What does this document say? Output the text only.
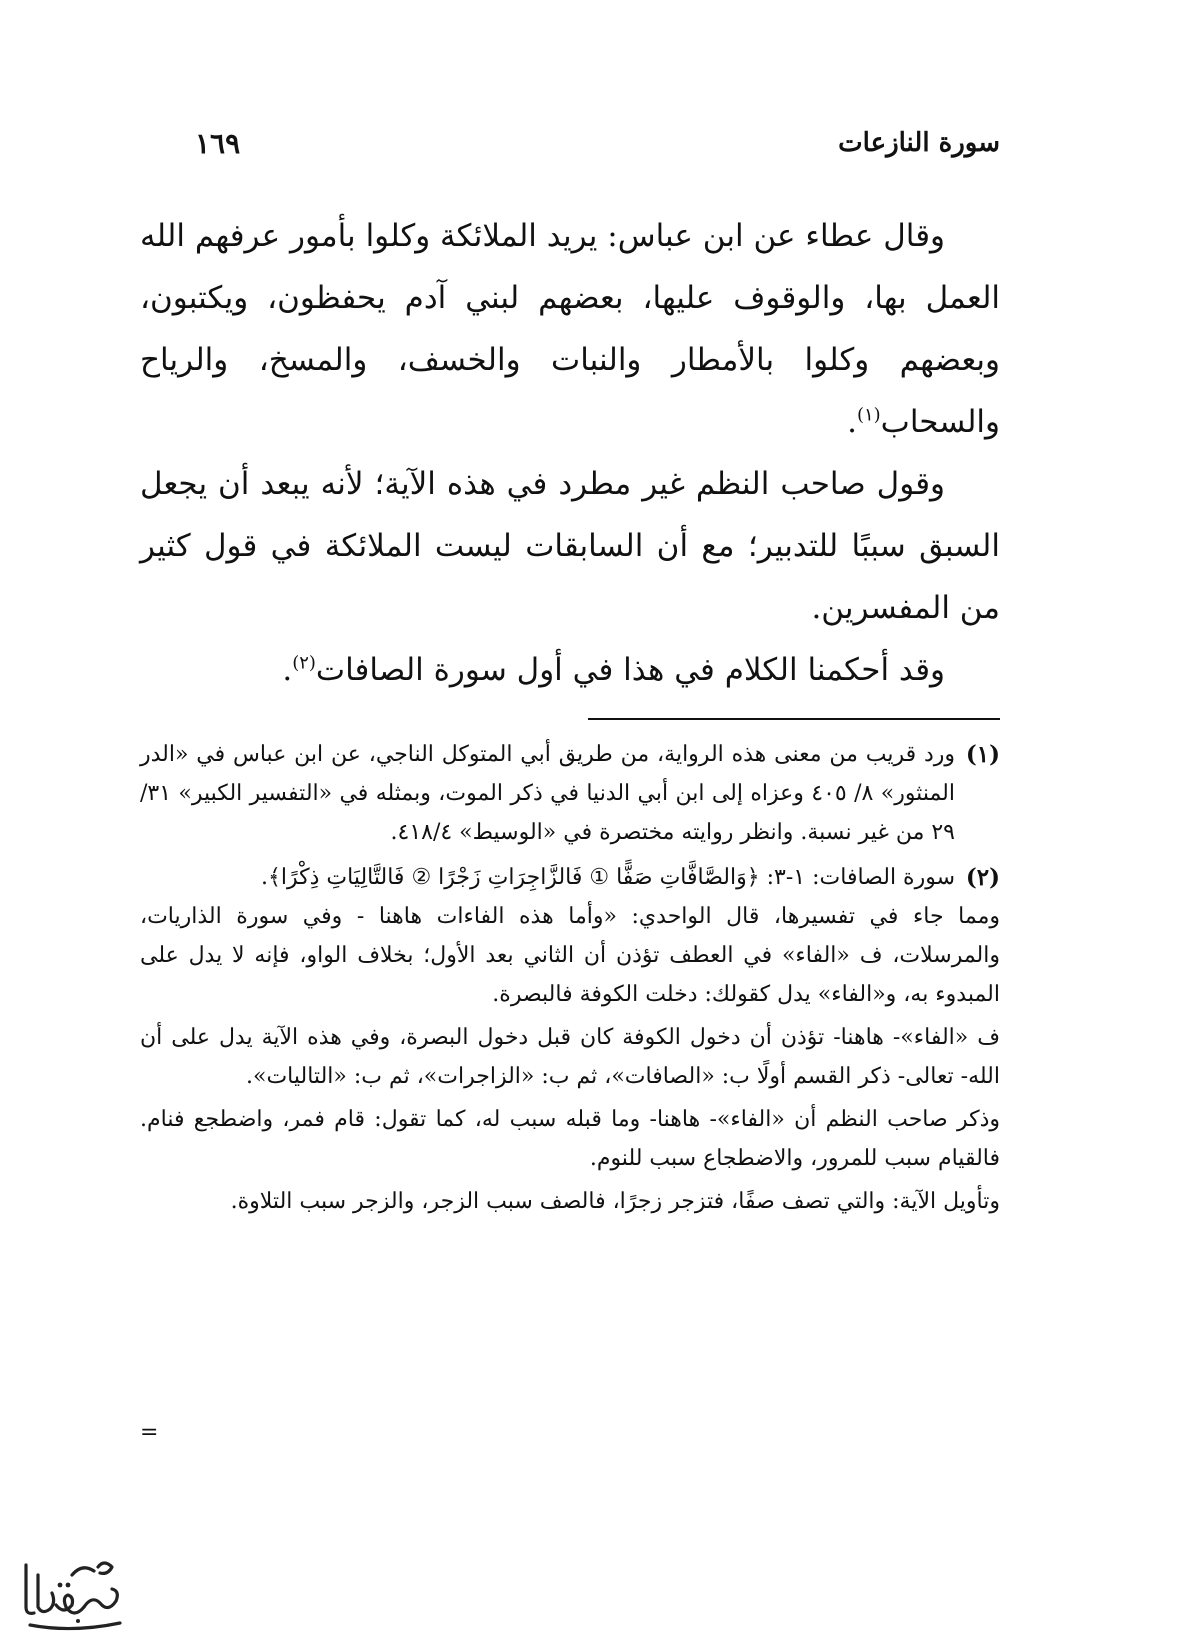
سورة النازعات
١٦٩

وقال عطاء عن ابن عباس: يريد الملائكة وكلوا بأمور عرفهم الله العمل بها، والوقوف عليها، بعضهم لبني آدم يحفظون، ويكتبون، وبعضهم وكلوا بالأمطار والنبات والخسف، والمسخ، والرياح والسحاب$^{(١)}$.

وقول صاحب النظم غير مطرد في هذه الآية؛ لأنه يبعد أن يجعل السبق سببًا للتدبير؛ مع أن السابقات ليست الملائكة في قول كثير من المفسرين.

وقد أحكمنا الكلام في هذا في أول سورة الصافات$^{(٢)}$.

(١)

ورد قريب من معنى هذه الرواية، من طريق أبي المتوكل الناجي، عن ابن عباس في «الدر المنثور» ٨/ ٤٠٥ وعزاه إلى ابن أبي الدنيا في ذكر الموت، وبمثله في «التفسير الكبير» ٣١/ ٢٩ من غير نسبة. وانظر روايته مختصرة في «الوسيط» ٤١٨/٤.

(٢)

سورة الصافات: ١-٣: ﴿وَالصَّافَّاتِ صَفًّا ① فَالزَّاجِرَاتِ زَجْرًا ② فَالتَّالِيَاتِ ذِكْرًا﴾.

ومما جاء في تفسيرها، قال الواحدي: «وأما هذه الفاءات هاهنا - وفي سورة الذاريات، والمرسلات، ف «الفاء» في العطف تؤذن أن الثاني بعد الأول؛ بخلاف الواو، فإنه لا يدل على المبدوء به، و«الفاء» يدل كقولك: دخلت الكوفة فالبصرة.

ف «الفاء»- هاهنا- تؤذن أن دخول الكوفة كان قبل دخول البصرة، وفي هذه الآية يدل على أن الله- تعالى- ذكر القسم أولًا ب: «الصافات»، ثم ب: «الزاجرات»، ثم ب: «التاليات».

وذكر صاحب النظم أن «الفاء»- هاهنا- وما قبله سبب له، كما تقول: قام فمر، واضطجع فنام. فالقيام سبب للمرور، والاضطجاع سبب للنوم.

وتأويل الآية: والتي تصف صفًا، فتزجر زجرًا، فالصف سبب الزجر، والزجر سبب التلاوة.

=
